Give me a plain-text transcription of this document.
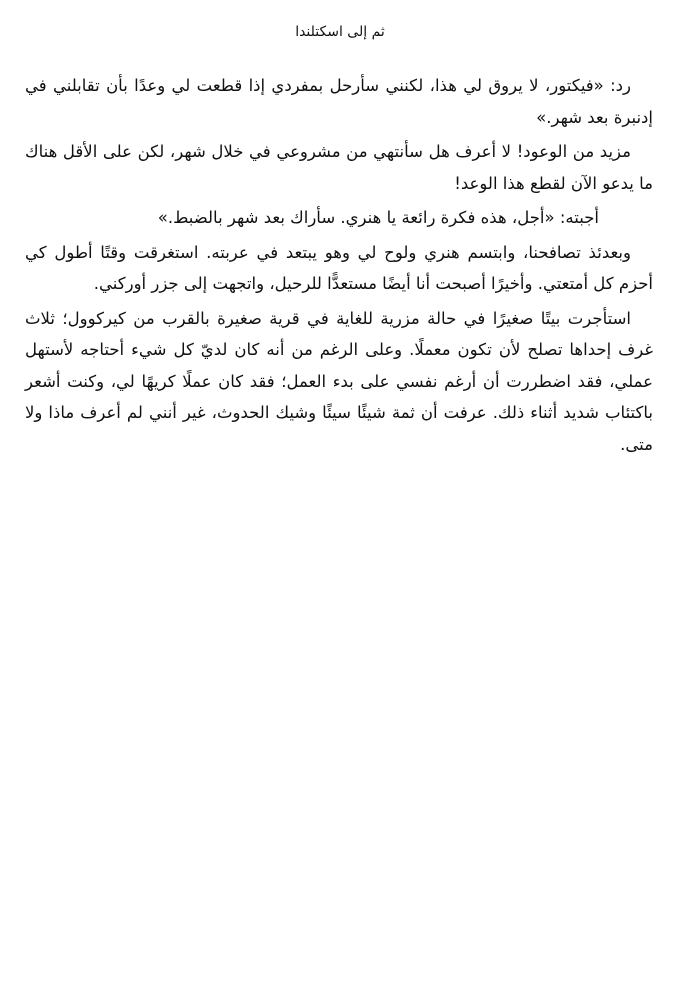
ثم إلى اسكتلندا

رد: «فيكتور، لا يروق لي هذا، لكنني سأرحل بمفردي إذا قطعت لي وعدًا بأن تقابلني في إدنبرة بعد شهر.»

مزيد من الوعود! لا أعرف هل سأنتهي من مشروعي في خلال شهر، لكن على الأقل هناك ما يدعو الآن لقطع هذا الوعد!

أجبته: «أجل، هذه فكرة رائعة يا هنري. سأراك بعد شهر بالضبط.»

وبعدئذ تصافحنا، وابتسم هنري ولوح لي وهو يبتعد في عربته. استغرقت وقتًا أطول كي أحزم كل أمتعتي. وأخيرًا أصبحت أنا أيضًا مستعدًّا للرحيل، واتجهت إلى جزر أوركني.

استأجرت بيتًا صغيرًا في حالة مزرية للغاية في قرية صغيرة بالقرب من كيركوول؛ ثلاث غرف إحداها تصلح لأن تكون معملًا. وعلى الرغم من أنه كان لديّ كل شيء أحتاجه لأستهل عملي، فقد اضطررت أن أرغم نفسي على بدء العمل؛ فقد كان عملًا كريهًا لي، وكنت أشعر باكتئاب شديد أثناء ذلك. عرفت أن ثمة شيئًا سيئًا وشيك الحدوث، غير أنني لم أعرف ماذا ولا متى.
